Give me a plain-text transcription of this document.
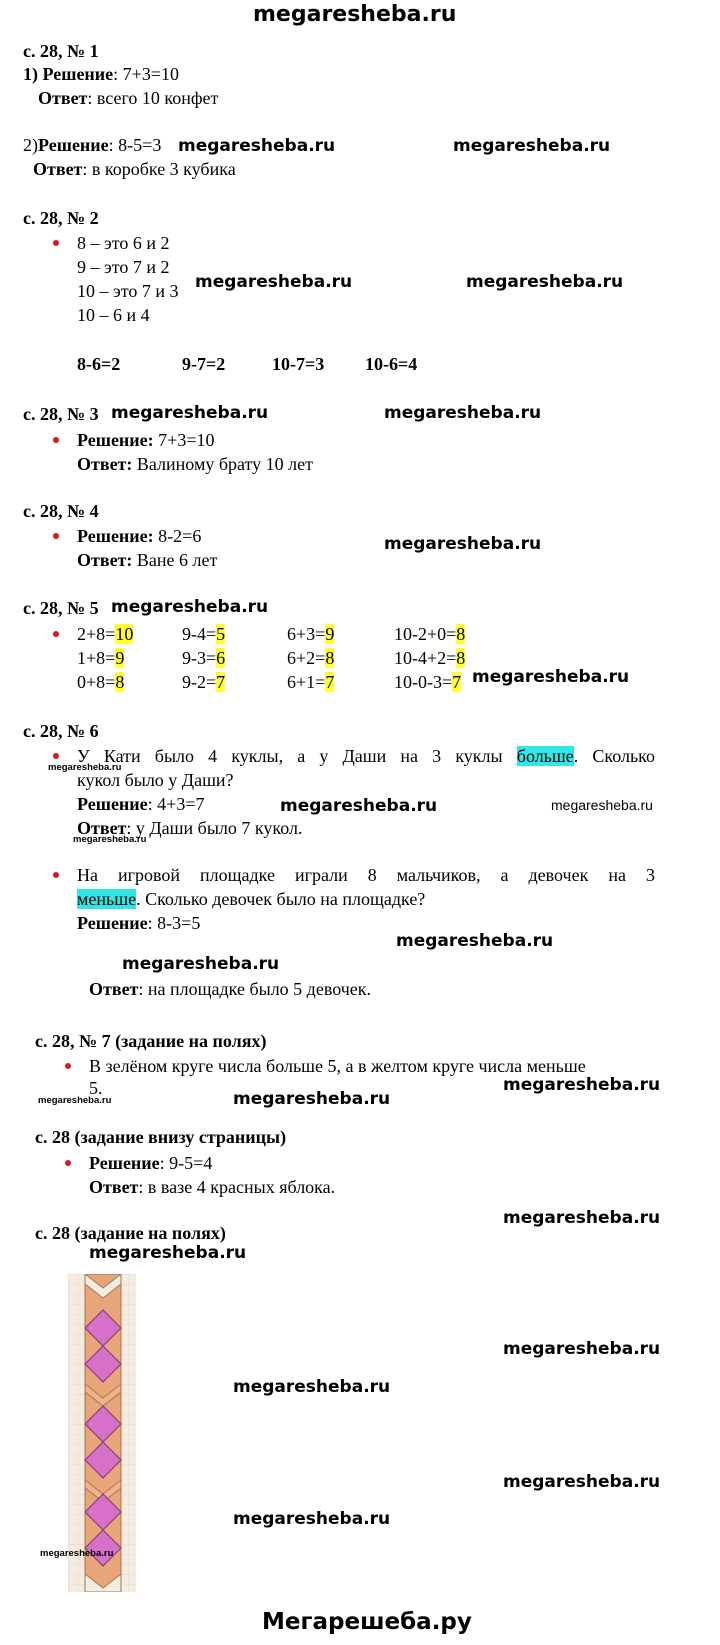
megaresheba.ru
с. 28, № 1
1) Решение: 7+3=10
Ответ: всего 10 конфет
2)Решение: 8-5=3
Ответ: в коробке 3 кубика
megaresheba.ru	megaresheba.ru
с. 28, № 2
8 – это 6 и 2
9 – это 7 и 2
10 – это 7 и 3
10 – 6 и 4
megaresheba.ru	megaresheba.ru
8-6=2	9-7=2	10-7=3 10-6=4
с. 28, № 3 megaresheba.ru	megaresheba.ru
Решение: 7+3=10
Ответ: Валиному брату 10 лет
с. 28, № 4
Решение: 8-2=6
Ответ: Ване 6 лет
megaresheba.ru
с. 28, № 5 megaresheba.ru
2+8=10	9-4=5	6+3=9	10-2+0=8
1+8=9	9-3=6	6+2=8	10-4+2=8
0+8=8	9-2=7	6+1=7	10-0-3=7 megaresheba.ru
с. 28, № 6
У Кати было 4 куклы, а у Даши на 3 куклы больше. Сколько
megaresheba.ru
кукол было у Даши?
Решение: 4+3=7	megaresheba.ru	megaresheba.ru
Ответ: у Даши было 7 кукол.
megaresheba.ru
На игровой площадке играли 8 мальчиков, а девочек на 3
меньше. Сколько девочек было на площадке?
Решение: 8-3=5
megaresheba.ru
megaresheba.ru
Ответ: на площадке было 5 девочек.
с. 28, № 7 (задание на полях)
В зелёном круге числа больше 5, а в желтом круге числа меньше
5.	megaresheba.ru
megaresheba.ru	megaresheba.ru
с. 28 (задание внизу страницы)
Решение: 9-5=4
Ответ: в вазе 4 красных яблока.
megaresheba.ru
с. 28 (задание на полях)
megaresheba.ru
megaresheba.ru
megaresheba.ru
megaresheba.ru
megaresheba.ru
megaresheba.ru
Мегарешеба.ру
